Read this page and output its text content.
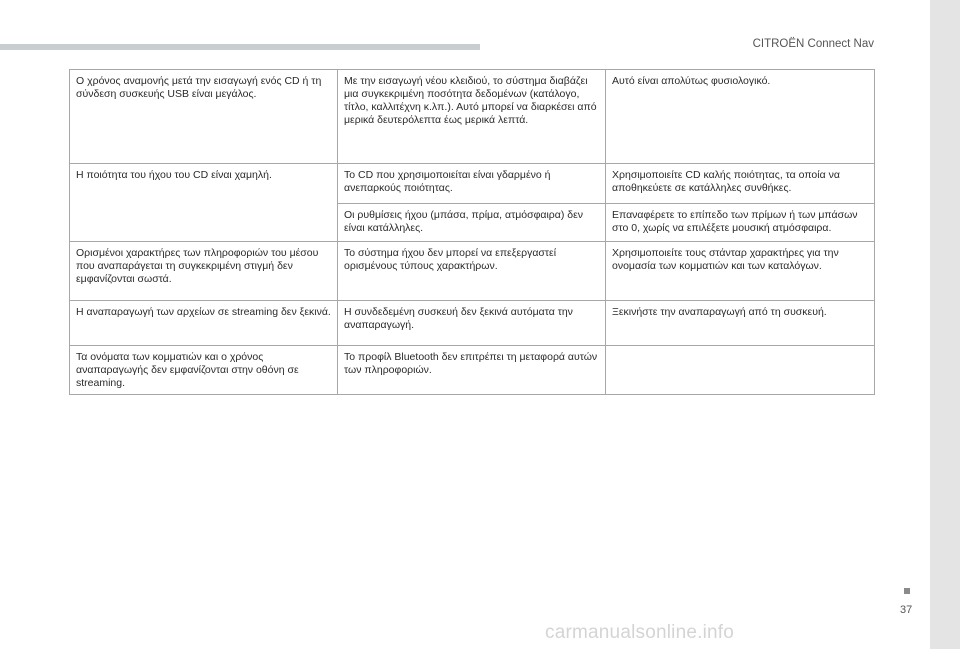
CITROËN Connect Nav
Ο χρόνος αναμονής μετά την εισαγωγή ενός CD ή τη σύνδεση συσκευής USB είναι μεγάλος.	Με την εισαγωγή νέου κλειδιού, το σύστημα διαβάζει μια συγκεκριμένη ποσότητα δεδομένων (κατάλογο, τίτλο, καλλιτέχνη κ.λπ.). Αυτό μπορεί να διαρκέσει από μερικά δευτερόλεπτα έως μερικά λεπτά.	Αυτό είναι απολύτως φυσιολογικό.
Η ποιότητα του ήχου του CD είναι χαμηλή.	Το CD που χρησιμοποιείται είναι γδαρμένο ή ανεπαρκούς ποιότητας.	Χρησιμοποιείτε CD καλής ποιότητας, τα οποία να αποθηκεύετε σε κατάλληλες συνθήκες.
	Οι ρυθμίσεις ήχου (μπάσα, πρίμα, ατμόσφαιρα) δεν είναι κατάλληλες.	Επαναφέρετε το επίπεδο των πρίμων ή των μπάσων στο 0, χωρίς να επιλέξετε μουσική ατμόσφαιρα.
Ορισμένοι χαρακτήρες των πληροφοριών του μέσου που αναπαράγεται τη συγκεκριμένη στιγμή δεν εμφανίζονται σωστά.	Το σύστημα ήχου δεν μπορεί να επεξεργαστεί ορισμένους τύπους χαρακτήρων.	Χρησιμοποιείτε τους στάνταρ χαρακτήρες για την ονομασία των κομματιών και των καταλόγων.
Η αναπαραγωγή των αρχείων σε streaming δεν ξεκινά.	Η συνδεδεμένη συσκευή δεν ξεκινά αυτόματα την αναπαραγωγή.	Ξεκινήστε την αναπαραγωγή από τη συσκευή.
Τα ονόματα των κομματιών και ο χρόνος αναπαραγωγής δεν εμφανίζονται στην οθόνη σε streaming.	Το προφίλ Bluetooth δεν επιτρέπει τη μεταφορά αυτών των πληροφοριών.	
37
carmanualsonline.info
